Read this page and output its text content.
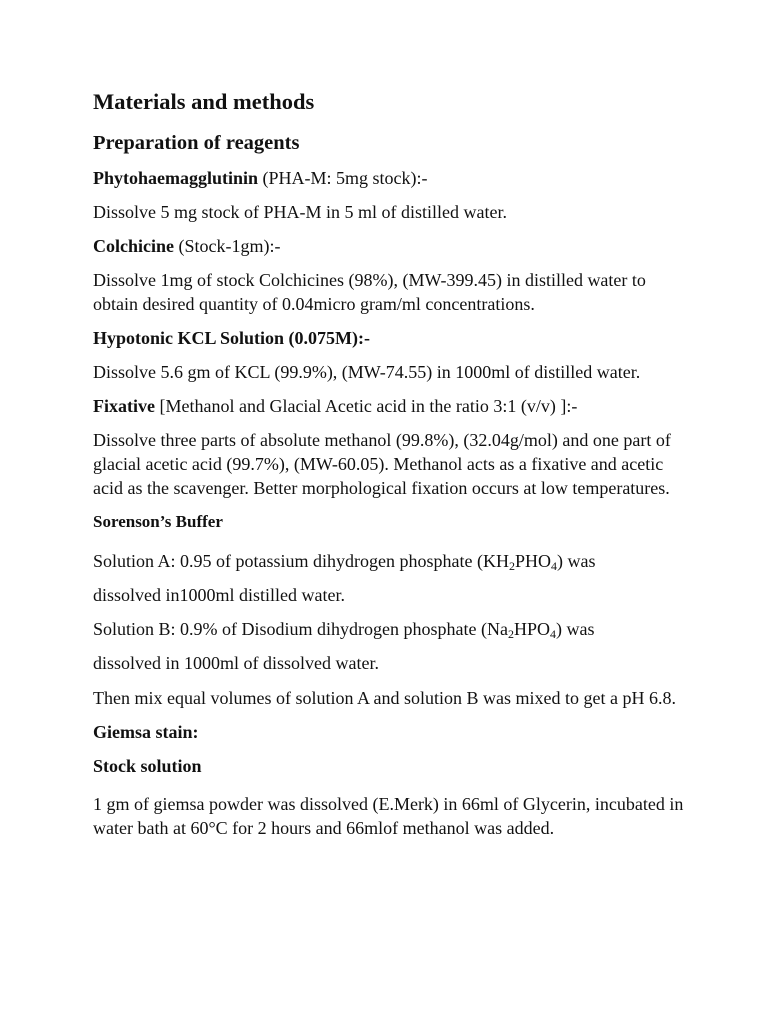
Materials and methods
Preparation of reagents
Phytohaemagglutinin (PHA-M: 5mg stock):-
Dissolve 5 mg stock of PHA-M in 5 ml of distilled water.
Colchicine (Stock-1gm):-
Dissolve 1mg of stock Colchicines (98%), (MW-399.45) in distilled water to obtain desired quantity of 0.04micro gram/ml concentrations.
Hypotonic KCL Solution (0.075M):-
Dissolve 5.6 gm of KCL (99.9%), (MW-74.55) in 1000ml of distilled water.
Fixative [Methanol and Glacial Acetic acid in the ratio 3:1 (v/v) ]:-
Dissolve three parts of absolute methanol (99.8%), (32.04g/mol) and one part of glacial acetic acid (99.7%), (MW-60.05). Methanol acts as a fixative and acetic acid as the scavenger. Better morphological fixation occurs at low temperatures.
Sorenson’s Buffer
Solution A: 0.95 of potassium dihydrogen phosphate $(KH_2PHO_4)$ was
dissolved in1000ml distilled water.
Solution B: 0.9% of Disodium dihydrogen phosphate $(Na_2HPO_4)$ was
dissolved in 1000ml of dissolved water.
Then mix equal volumes of solution A and solution B was mixed to get a pH 6.8.
Giemsa stain:
Stock solution
1 gm of giemsa powder was dissolved (E.Merk) in 66ml of Glycerin, incubated in water bath at 60°C for 2 hours and 66mlof methanol was added.
